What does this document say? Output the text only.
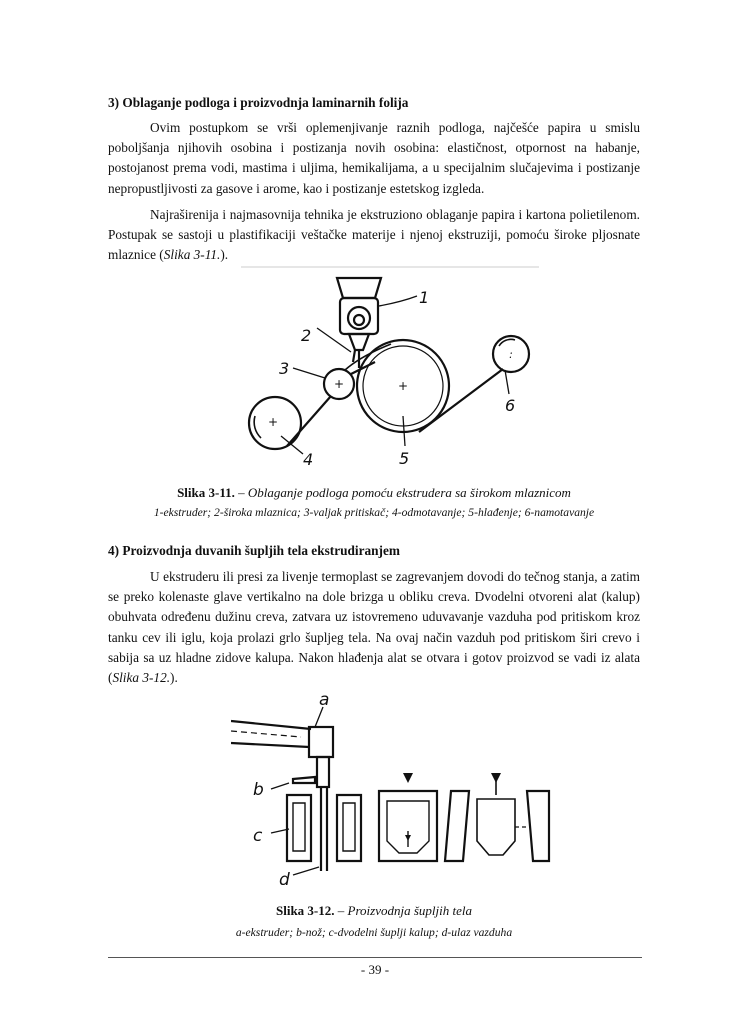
3) Oblaganje podloga i proizvodnja laminarnih folija
Ovim postupkom se vrši oplemenjivanje raznih podloga, najčešće papira u smislu poboljšanja njihovih osobina i postizanja novih osobina: elastičnost, otpornost na habanje, postojanost prema vodi, mastima i uljima, hemikalijama, a u specijalnim slučajevima i postizanje nepropustljivosti za gasove i arome, kao i postizanje estetskog izgleda.
Najraširenija i najmasovnija tehnika je ekstruziono oblaganje papira i kartona polietilenom. Postupak se sastoji u plastifikaciji veštačke materije i njenoj ekstruziji, pomoću široke pljosnate mlaznice (Slika 3-11.).
+	+
+
:
1
2
3
4	5
6
Slika 3-11. – Oblaganje podloga pomoću ekstrudera sa širokom mlaznicom
1-ekstruder; 2-široka mlaznica; 3-valjak pritiskač; 4-odmotavanje; 5-hlađenje; 6-namotavanje
4) Proizvodnja duvanih šupljih tela ekstrudiranjem
U ekstruderu ili presi za livenje termoplast se zagrevanjem dovodi do tečnog stanja, a zatim se preko kolenaste glave vertikalno na dole brizga u obliku creva. Dvodelni otvoreni alat (kalup) obuhvata određenu dužinu creva, zatvara uz istovremeno uduvavanje vazduha pod pritiskom kroz tanku cev ili iglu, koja prolazi grlo šupljeg tela. Na ovaj način vazduh pod pritiskom širi crevo i sabija sa uz hladne zidove kalupa. Nakon hlađenja alat se otvara i gotov proizvod se vadi iz alata (Slika 3-12.).
a
b
c
d
Slika 3-12. – Proizvodnja šupljih tela
a-ekstruder; b-nož; c-dvodelni šuplji kalup; d-ulaz vazduha
- 39 -
